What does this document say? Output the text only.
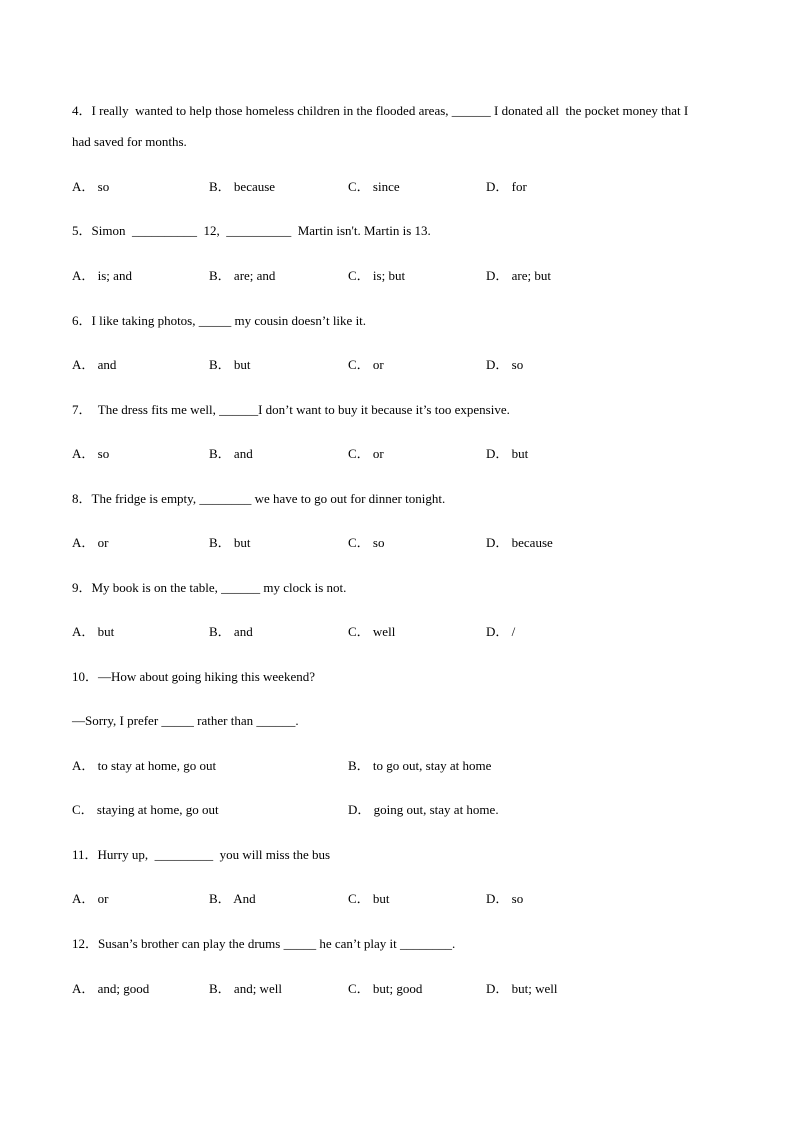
4．I really  wanted to help those homeless children in the flooded areas, ______ I donated all  the pocket money that I
had saved for months.
A． so	B． because	C． since	D． for
5．Simon  __________  12,  __________  Martin isn't. Martin is 13.
A． is; and	B． are; and	C． is; but	D． are; but
6．I like taking photos, _____ my cousin doesn’t like it.
A． and	B． but	C． or	D． so
7．  The dress fits me well, ______I don’t want to buy it because it’s too expensive.
A． so	B． and	C． or	D． but
8．The fridge is empty, ________ we have to go out for dinner tonight.
A． or	B． but	C． so	D． because
9．My book is on the table, ______ my clock is not.
A． but	B． and	C． well	D． /
10．—How about going hiking this weekend?
—Sorry, I prefer _____ rather than ______.
A． to stay at home, go out	B． to go out, stay at home
C． staying at home, go out	D． going out, stay at home.
11．Hurry up,  _________  you will miss the bus
A． or	B． And	C． but	D． so
12．Susan’s brother can play the drums _____ he can’t play it ________.
A． and; good	B． and; well	C． but; good	D． but; well
